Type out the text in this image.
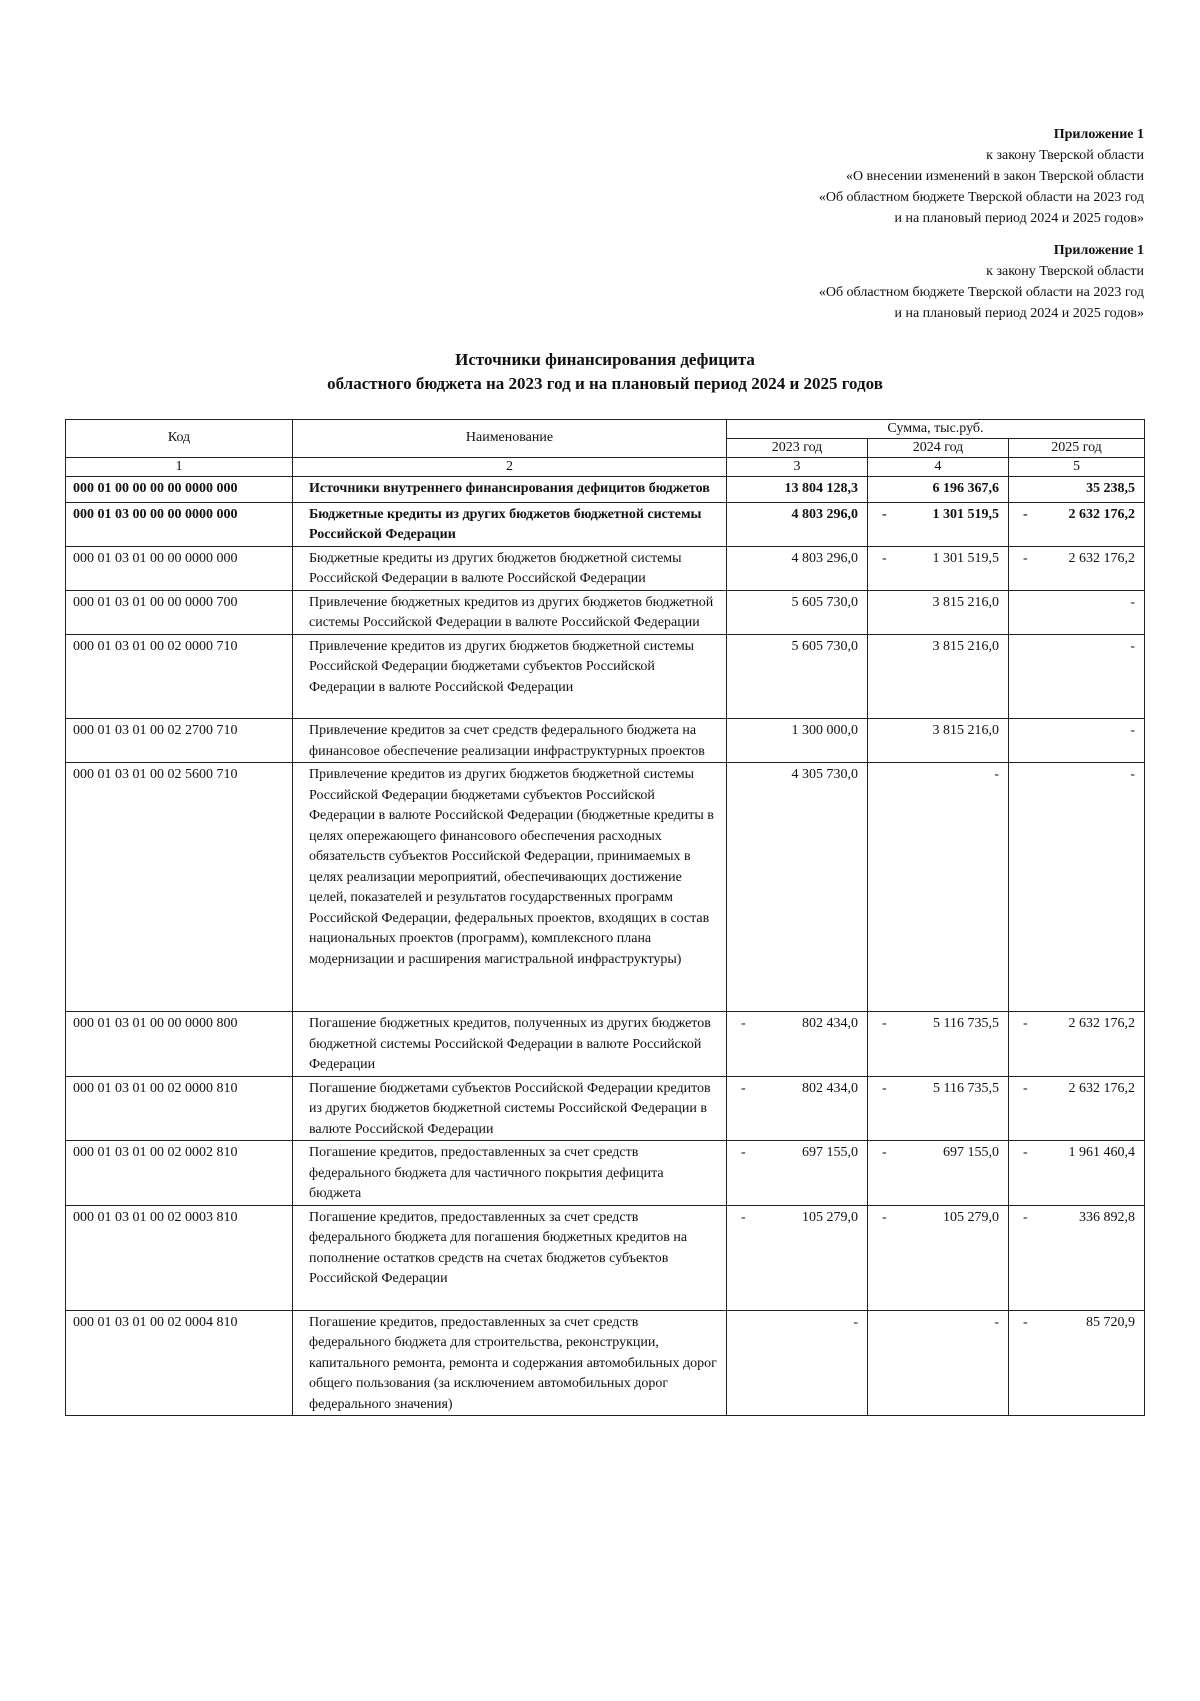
Приложение 1
к закону Тверской области
«О внесении изменений в закон Тверской области
«Об областном бюджете Тверской области на 2023 год
и на плановый период 2024 и 2025 годов»
Приложение 1
к закону Тверской области
«Об областном бюджете Тверской области на 2023 год
и на плановый период 2024 и 2025 годов»
Источники финансирования дефицита
областного бюджета на 2023 год и на плановый период 2024 и 2025 годов
Код	Наименование	Сумма, тыс.руб.		
		2023 год	2024 год	2025 год
1	2	3	4	5
000 01 00 00 00 00 0000 000	Источники внутреннего финансирования дефицитов бюджетов	13 804 128,3	6 196 367,6	35 238,5

000 01 03 00 00 00 0000 000	Бюджетные кредиты из других бюджетов бюджетной системы Российской Федерации	4 803 296,0	- 1 301 519,5	- 2 632 176,2

000 01 03 01 00 00 0000 000	Бюджетные кредиты из других бюджетов бюджетной системы Российской Федерации в валюте Российской Федерации	4 803 296,0	- 1 301 519,5	- 2 632 176,2

000 01 03 01 00 00 0000 700	Привлечение бюджетных кредитов из других бюджетов бюджетной системы Российской Федерации в валюте Российской Федерации	5 605 730,0	3 815 216,0	-

000 01 03 01 00 02 0000 710	Привлечение кредитов из других бюджетов бюджетной системы Российской Федерации бюджетами субъектов Российской Федерации в валюте Российской Федерации	5 605 730,0	3 815 216,0	-

000 01 03 01 00 02 2700 710	Привлечение кредитов за счет средств федерального бюджета на финансовое обеспечение реализации инфраструктурных проектов	1 300 000,0	3 815 216,0	-

000 01 03 01 00 02 5600 710	Привлечение кредитов из других бюджетов бюджетной системы Российской Федерации бюджетами субъектов Российской Федерации в валюте Российской Федерации (бюджетные кредиты в целях опережающего финансового обеспечения расходных обязательств субъектов Российской Федерации, принимаемых в целях реализации мероприятий, обеспечивающих достижение целей, показателей и результатов государственных программ Российской Федерации, федеральных проектов, входящих в состав национальных проектов (программ), комплексного плана модернизации и расширения магистральной инфраструктуры)	4 305 730,0	-	-

000 01 03 01 00 00 0000 800	Погашение бюджетных кредитов, полученных из других бюджетов бюджетной системы Российской Федерации в валюте Российской Федерации	- 802 434,0	- 5 116 735,5	- 2 632 176,2

000 01 03 01 00 02 0000 810	Погашение бюджетами субъектов Российской Федерации кредитов из других бюджетов бюджетной системы Российской Федерации в валюте Российской Федерации	- 802 434,0	- 5 116 735,5	- 2 632 176,2

000 01 03 01 00 02 0002 810	Погашение кредитов, предоставленных за счет средств федерального бюджета для частичного покрытия дефицита бюджета	- 697 155,0	- 697 155,0	- 1 961 460,4

000 01 03 01 00 02 0003 810	Погашение кредитов, предоставленных за счет средств федерального бюджета для погашения бюджетных кредитов на пополнение остатков средств на счетах бюджетов субъектов Российской Федерации	- 105 279,0	- 105 279,0	- 336 892,8

000 01 03 01 00 02 0004 810	Погашение кредитов, предоставленных за счет средств федерального бюджета для строительства, реконструкции, капитального ремонта, ремонта и содержания автомобильных дорог общего пользования (за исключением автомобильных дорог федерального значения)	-	-	- 85 720,9
